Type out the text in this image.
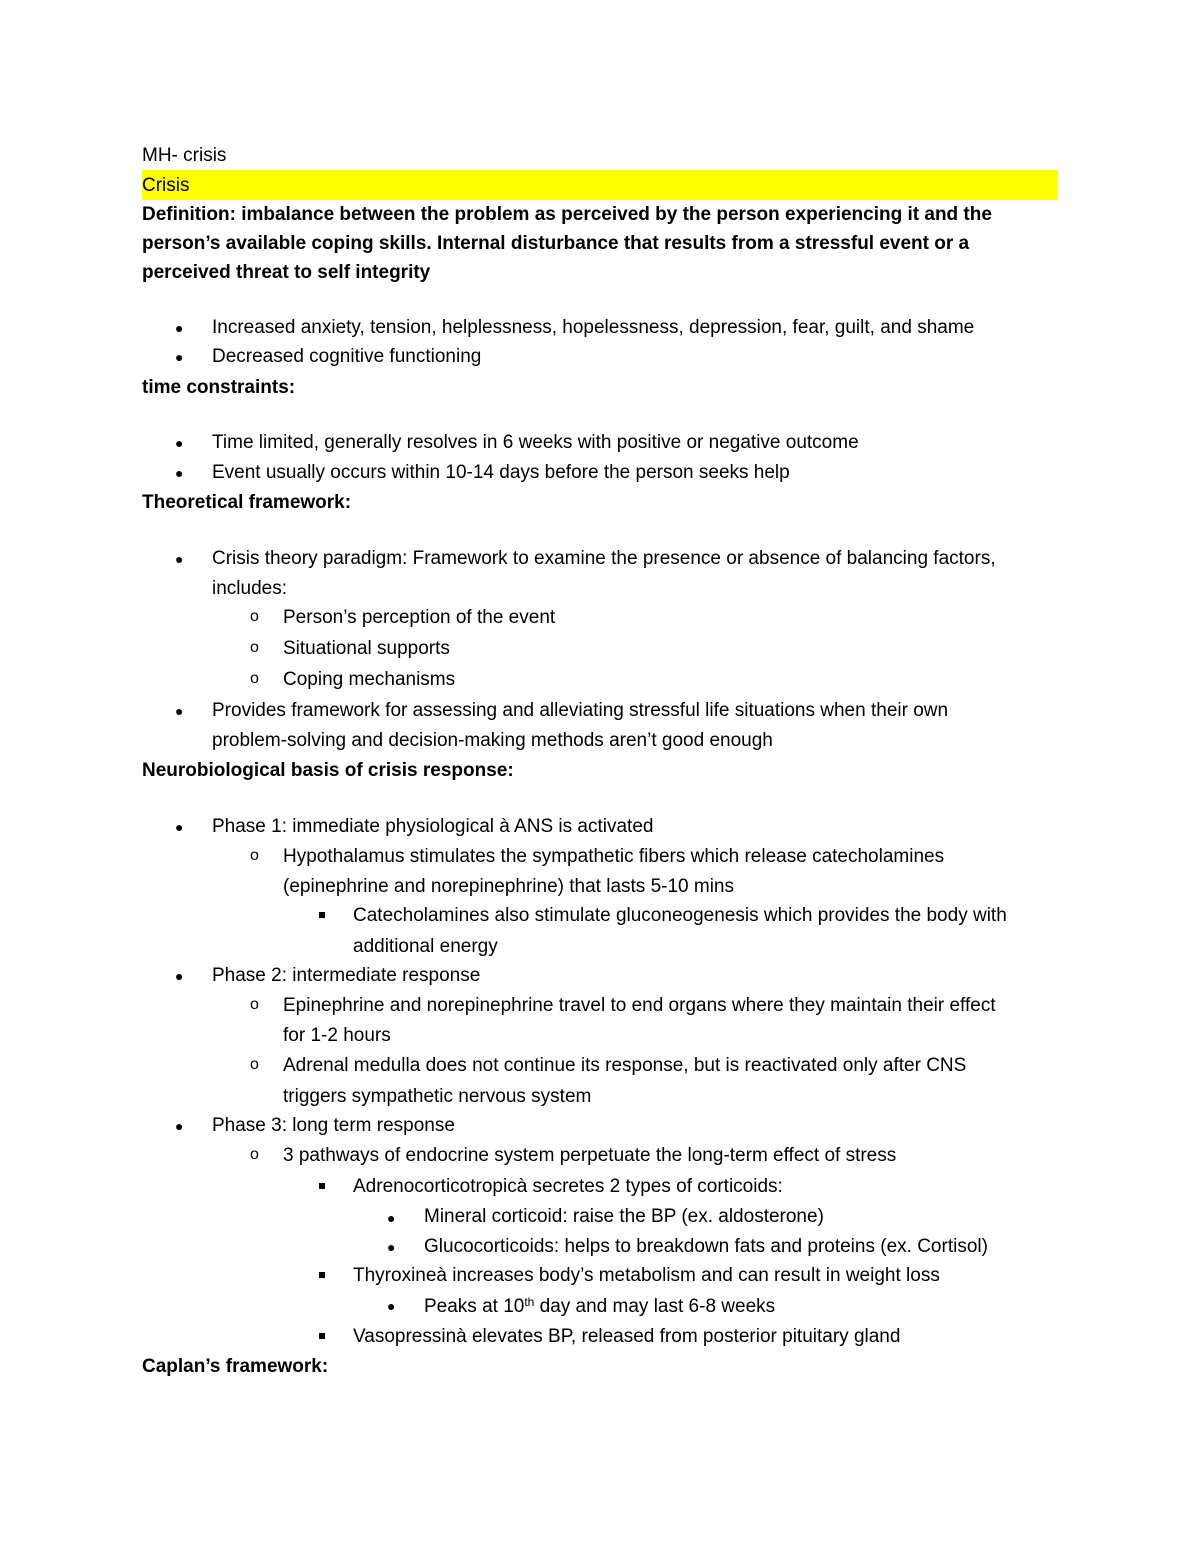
MH- crisis
Crisis
Definition: imbalance between the problem as perceived by the person experiencing it and the
person’s available coping skills. Internal disturbance that results from a stressful event or a
perceived threat to self integrity
● Increased anxiety, tension, helplessness, hopelessness, depression, fear, guilt, and shame
● Decreased cognitive functioning
time constraints:
● Time limited, generally resolves in 6 weeks with positive or negative outcome
● Event usually occurs within 10-14 days before the person seeks help
Theoretical framework:
● Crisis theory paradigm: Framework to examine the presence or absence of balancing factors,
includes:
o Person’s perception of the event
o Situational supports
o Coping mechanisms
● Provides framework for assessing and alleviating stressful life situations when their own
problem-solving and decision-making methods aren’t good enough
Neurobiological basis of crisis response:
● Phase 1: immediate physiological à ANS is activated
o Hypothalamus stimulates the sympathetic fibers which release catecholamines
(epinephrine and norepinephrine) that lasts 5-10 mins
Catecholamines also stimulate gluconeogenesis which provides the body with
additional energy
● Phase 2: intermediate response
o Epinephrine and norepinephrine travel to end organs where they maintain their effect
for 1-2 hours
o Adrenal medulla does not continue its response, but is reactivated only after CNS
triggers sympathetic nervous system
● Phase 3: long term response
o 3 pathways of endocrine system perpetuate the long-term effect of stress
Adrenocorticotropicà secretes 2 types of corticoids:
● Mineral corticoid: raise the BP (ex. aldosterone)
● Glucocorticoids: helps to breakdown fats and proteins (ex. Cortisol)
Thyroxineà increases body’s metabolism and can result in weight loss
● Peaks at 10th day and may last 6-8 weeks
Vasopressinà elevates BP, released from posterior pituitary gland
Caplan’s framework:
